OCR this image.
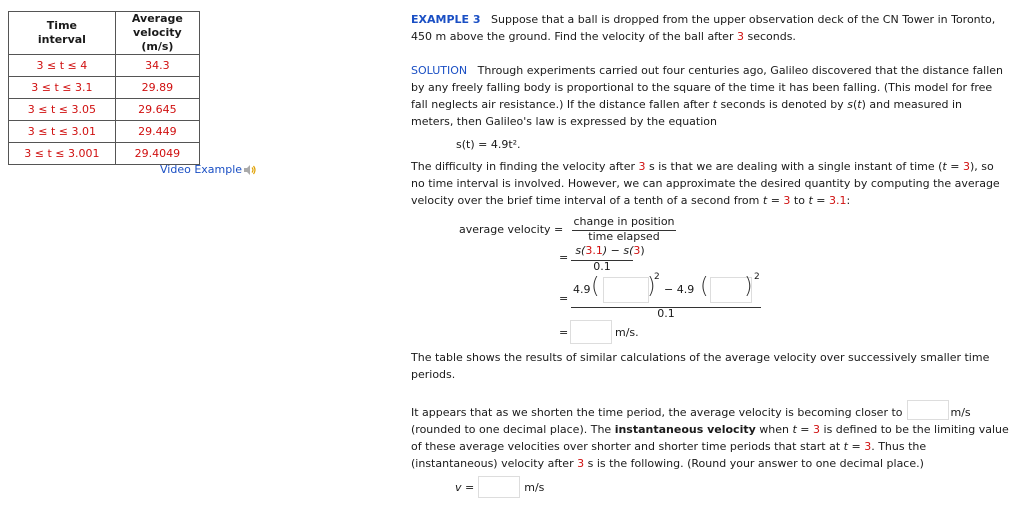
Time interval	Average velocity (m/s)
3 ≤ t ≤ 4	34.3
3 ≤ t ≤ 3.1	29.89
3 ≤ t ≤ 3.05	29.645
3 ≤ t ≤ 3.01	29.449
3 ≤ t ≤ 3.001	29.4049
Video Example
EXAMPLE 3 Suppose that a ball is dropped from the upper observation deck of the CN Tower in Toronto,
450 m above the ground. Find the velocity of the ball after 3 seconds.
SOLUTION Through experiments carried out four centuries ago, Galileo discovered that the distance fallen
by any freely falling body is proportional to the square of the time it has been falling. (This model for free
fall neglects air resistance.) If the distance fallen after t seconds is denoted by s(t) and measured in
meters, then Galileo's law is expressed by the equation
s(t) = 4.9t².
The difficulty in finding the velocity after 3 s is that we are dealing with a single instant of time (t = 3), so
no time interval is involved. However, we can approximate the desired quantity by computing the average
velocity over the brief time interval of a tenth of a second from t = 3 to t = 3.1:
average velocity =
change in position
time elapsed
=
s(3.1) − s(3)
0.1
=
4.9 ( )
2
− 4.9 ( ) 2
0.1
=	m/s.
The table shows the results of similar calculations of the average velocity over successively smaller time
periods.
It appears that as we shorten the time period, the average velocity is becoming closer to	m/s
(rounded to one decimal place). The instantaneous velocity when t = 3 is defined to be the limiting value
of these average velocities over shorter and shorter time periods that start at t = 3. Thus the
(instantaneous) velocity after 3 s is the following. (Round your answer to one decimal place.)
v =	m/s
